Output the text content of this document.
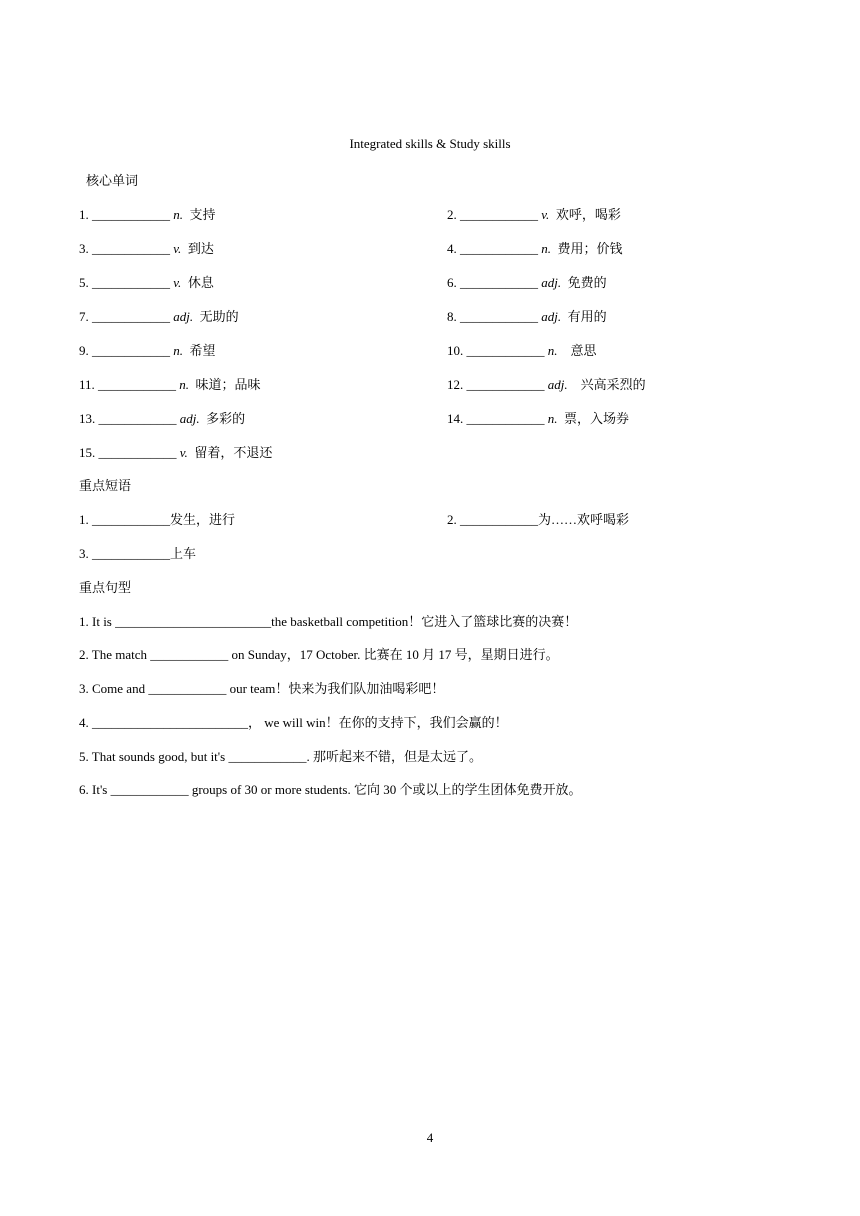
Integrated skills & Study skills
核心单词
1. ____________ n. 支持	2. ____________ v. 欢呼，喝彩
3. ____________ v. 到达	4. ____________ n. 费用；价钱
5. ____________ v. 休息	6. ____________ adj. 免费的
7. ____________ adj. 无助的	8. ____________ adj. 有用的
9. ____________ n. 希望	10. ____________ n. 意思
11. ____________ n. 味道；品味	12. ____________ adj. 兴高采烈的
13. ____________ adj. 多彩的	14. ____________ n. 票，入场券
15. ____________ v. 留着，不退还
重点短语
1. ____________发生，进行	2. ____________为……欢呼喝彩
3. ____________上车
重点句型
1. It is ________________________the basketball competition！它进入了篮球比赛的决赛！
2. The match ____________ on Sunday，17 October. 比赛在 10 月 17 号，星期日进行。
3. Come and ____________ our team！快来为我们队加油喝彩吧！
4. ________________________， we will win！在你的支持下，我们会赢的！
5. That sounds good, but it's ____________. 那听起来不错，但是太远了。
6. It's ____________ groups of 30 or more students. 它向 30 个或以上的学生团体免费开放。
4
